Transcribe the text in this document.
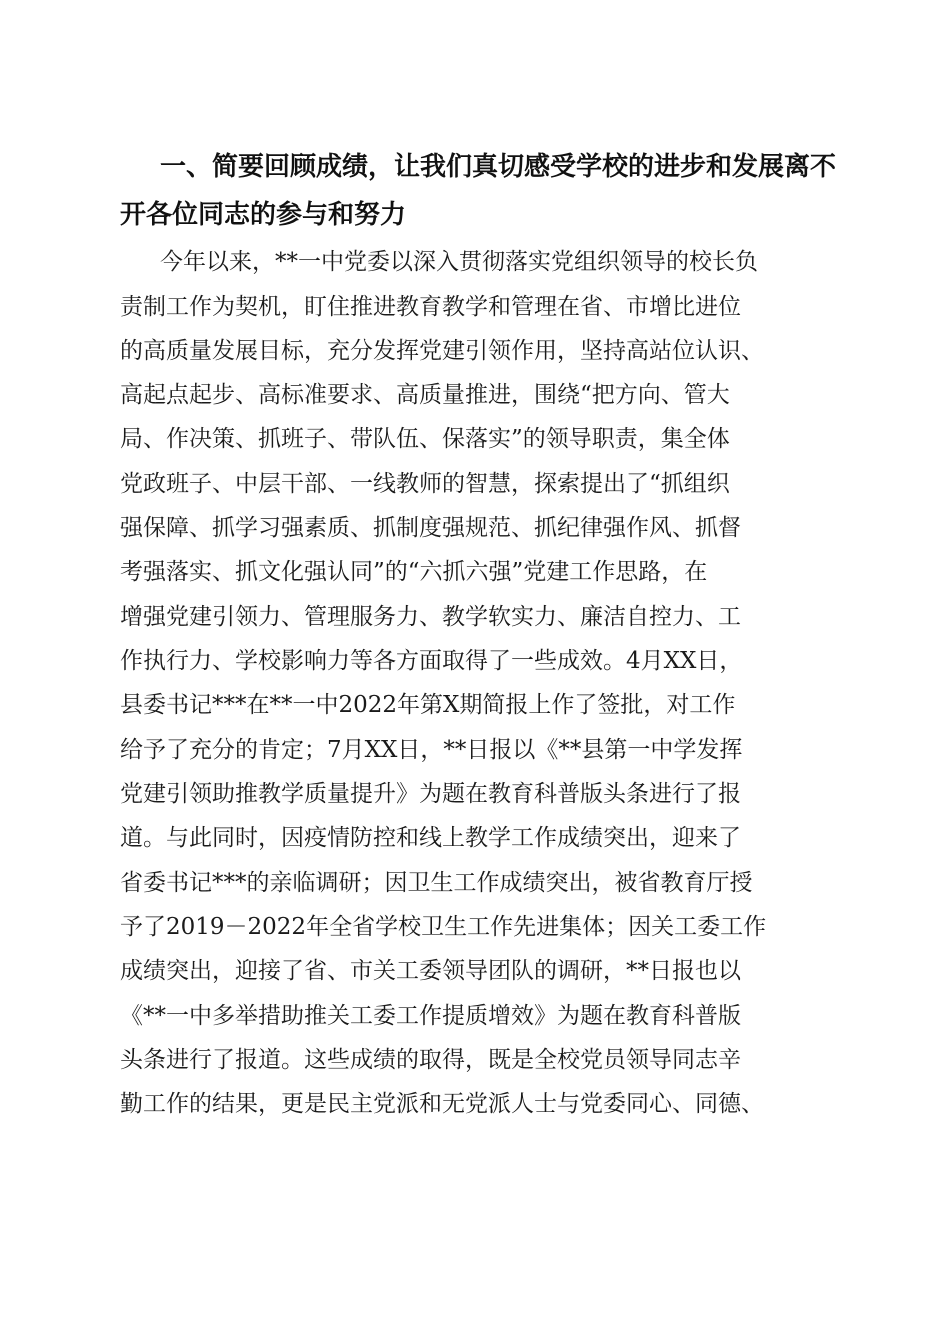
一、简要回顾成绩，让我们真切感受学校的进步和发展离不
开各位同志的参与和努力
今年以来，**一中党委以深入贯彻落实党组织领导的校长负
责制工作为契机，盯住推进教育教学和管理在省、市增比进位
的高质量发展目标，充分发挥党建引领作用，坚持高站位认识、
高起点起步、高标准要求、高质量推进，围绕“把方向、管大
局、作决策、抓班子、带队伍、保落实”的领导职责，集全体
党政班子、中层干部、一线教师的智慧，探索提出了“抓组织
强保障、抓学习强素质、抓制度强规范、抓纪律强作风、抓督
考强落实、抓文化强认同”的“六抓六强”党建工作思路，在
增强党建引领力、管理服务力、教学软实力、廉洁自控力、工
作执行力、学校影响力等各方面取得了一些成效。4月XX日，
县委书记***在**一中2022年第X期简报上作了签批，对工作
给予了充分的肯定；7月XX日，**日报以《**县第一中学发挥
党建引领助推教学质量提升》为题在教育科普版头条进行了报
道。与此同时，因疫情防控和线上教学工作成绩突出，迎来了
省委书记***的亲临调研；因卫生工作成绩突出，被省教育厅授
予了2019－2022年全省学校卫生工作先进集体；因关工委工作
成绩突出，迎接了省、市关工委领导团队的调研，**日报也以
《**一中多举措助推关工委工作提质增效》为题在教育科普版
头条进行了报道。这些成绩的取得，既是全校党员领导同志辛
勤工作的结果，更是民主党派和无党派人士与党委同心、同德、
